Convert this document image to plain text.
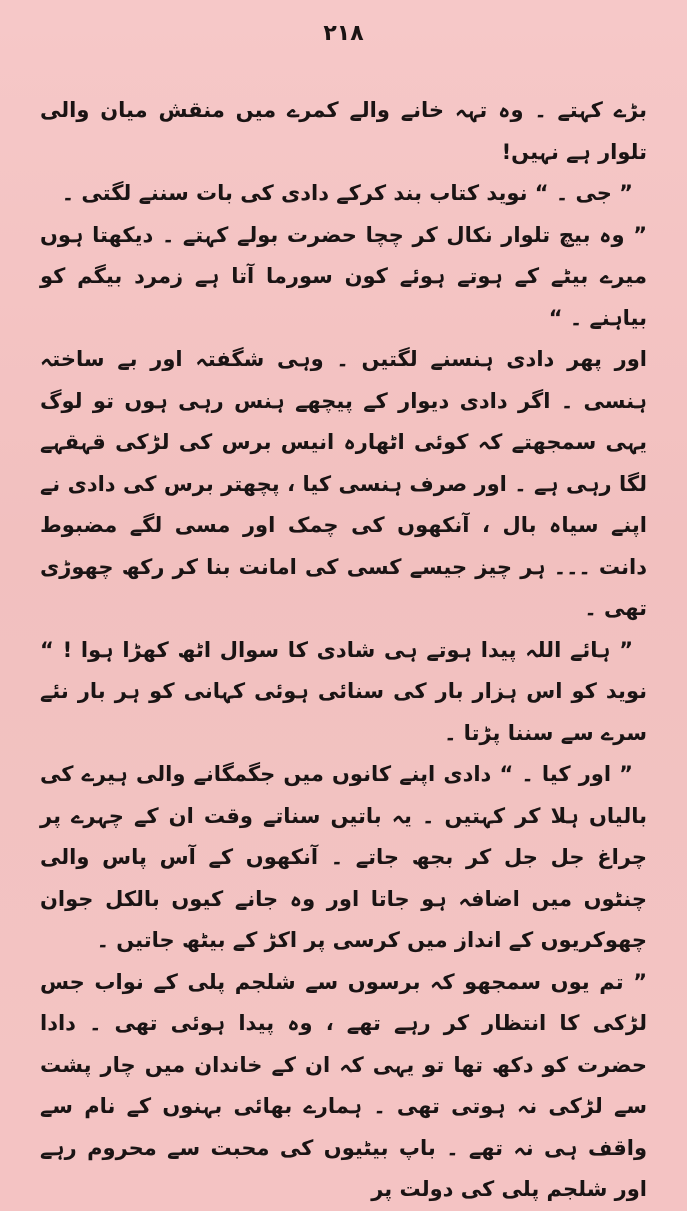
۲۱۸

بڑے کہتے ۔ وہ تہہ خانے والے کمرے میں منقش میان والی تلوار ہے نہیں!

” جی ۔ “ نوید کتاب بند کرکے دادی کی بات سننے لگتی ۔

” وہ بیچ تلوار نکال کر چچا حضرت بولے کہتے ۔ دیکھتا ہوں میرے بیٹے کے ہوتے ہوئے کون سورما آتا ہے زمرد بیگم کو بیاہنے ۔ “

اور پھر دادی ہنسنے لگتیں ۔ وہی شگفتہ اور بے ساختہ ہنسی ۔ اگر دادی دیوار کے پیچھے ہنس رہی ہوں تو لوگ یہی سمجھتے کہ کوئی اٹھارہ انیس برس کی لڑکی قہقہے لگا رہی ہے ۔ اور صرف ہنسی کیا ، پچھتر برس کی دادی نے اپنے سیاہ بال ، آنکھوں کی چمک اور مسی لگے مضبوط دانت ۔۔۔ ہر چیز جیسے کسی کی امانت بنا کر رکھ چھوڑی تھی ۔

” ہائے اللہ پیدا ہوتے ہی شادی کا سوال اٹھ کھڑا ہوا ! “ نوید کو اس ہزار بار کی سنائی ہوئی کہانی کو ہر بار نئے سرے سے سننا پڑتا ۔

” اور کیا ۔ “ دادی اپنے کانوں میں جگمگانے والی ہیرے کی بالیاں ہلا کر کہتیں ۔ یہ باتیں سناتے وقت ان کے چہرے پر چراغ جل جل کر بجھ جاتے ۔ آنکھوں کے آس پاس والی چنٹوں میں اضافہ ہو جاتا اور وہ جانے کیوں بالکل جوان چھوکریوں کے انداز میں کرسی پر اکڑ کے بیٹھ جاتیں ۔

” تم یوں سمجھو کہ برسوں سے شلجم پلی کے نواب جس لڑکی کا انتظار کر رہے تھے ، وہ پیدا ہوئی تھی ۔ دادا حضرت کو دکھ تھا تو یہی کہ ان کے خاندان میں چار پشت سے لڑکی نہ ہوتی تھی ۔ ہمارے بھائی بہنوں کے نام سے واقف ہی نہ تھے ۔ باپ بیٹیوں کی محبت سے محروم رہے اور شلجم پلی کی دولت پر
